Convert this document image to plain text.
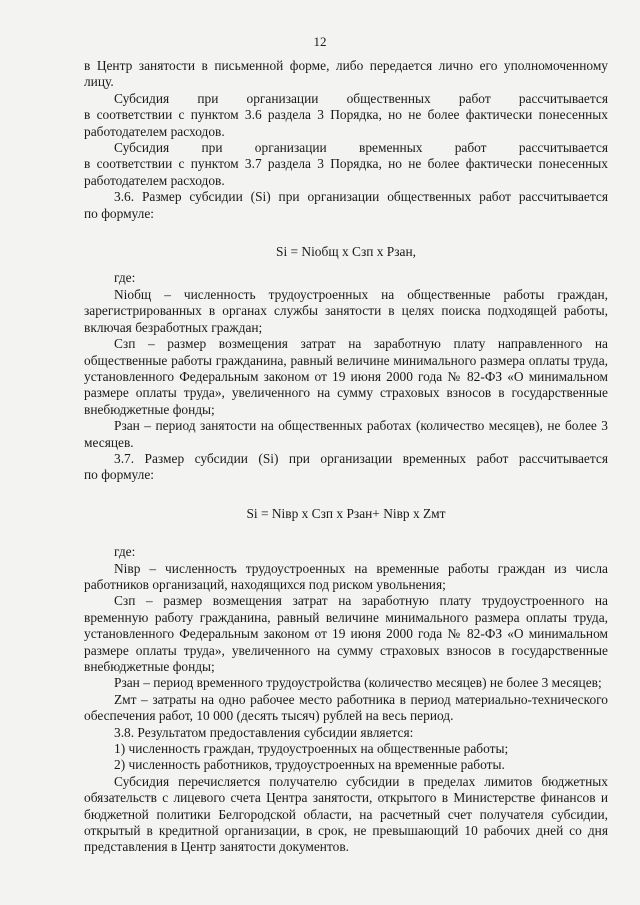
12

в Центр занятости в письменной форме, либо передается лично его уполномоченному

лицу.

Субсидия при организации общественных работ рассчитывается

в соответствии с пунктом 3.6 раздела 3 Порядка, но не более фактически понесенных

работодателем расходов.

Субсидия при организации временных работ рассчитывается

в соответствии с пунктом 3.7 раздела 3 Порядка, но не более фактически понесенных

работодателем расходов.

3.6. Размер субсидии (Si) при организации общественных работ рассчитывается

по формуле:

Si = Nioбщ x Cзп x Рзан,

где:

Nioбщ – численность трудоустроенных на общественные работы граждан, зарегистрированных в органах службы занятости в целях поиска подходящей работы, включая безработных граждан;

Cзп – размер возмещения затрат на заработную плату направленного на общественные работы гражданина, равный величине минимального размера оплаты труда, установленного Федеральным законом от 19 июня 2000 года № 82-ФЗ «О минимальном размере оплаты труда», увеличенного на сумму страховых взносов в государственные внебюджетные фонды;

Рзан – период занятости на общественных работах (количество месяцев), не более 3 месяцев.

3.7. Размер субсидии (Si) при организации временных работ рассчитывается

по формуле:

Si = Niвр x Cзп x Рзан+ Niвр x Zмт

где:

Niвр – численность трудоустроенных на временные работы граждан из числа работников организаций, находящихся под риском увольнения;

Cзп – размер возмещения затрат на заработную плату трудоустроенного на временную работу гражданина, равный величине минимального размера оплаты труда, установленного Федеральным законом от 19 июня 2000 года № 82-ФЗ «О минимальном размере оплаты труда», увеличенного на сумму страховых взносов в государственные внебюджетные фонды;

Рзан – период временного трудоустройства (количество месяцев) не более 3 месяцев;

Zмт – затраты на одно рабочее место работника в период материально-технического обеспечения работ, 10 000 (десять тысяч) рублей на весь период.

3.8. Результатом предоставления субсидии является:

1) численность граждан, трудоустроенных на общественные работы;

2) численность работников, трудоустроенных на временные работы.

Субсидия перечисляется получателю субсидии в пределах лимитов бюджетных обязательств с лицевого счета Центра занятости, открытого в Министерстве финансов и бюджетной политики Белгородской области, на расчетный счет получателя субсидии, открытый в кредитной организации, в срок, не превышающий 10 рабочих дней со дня представления в Центр занятости документов.
